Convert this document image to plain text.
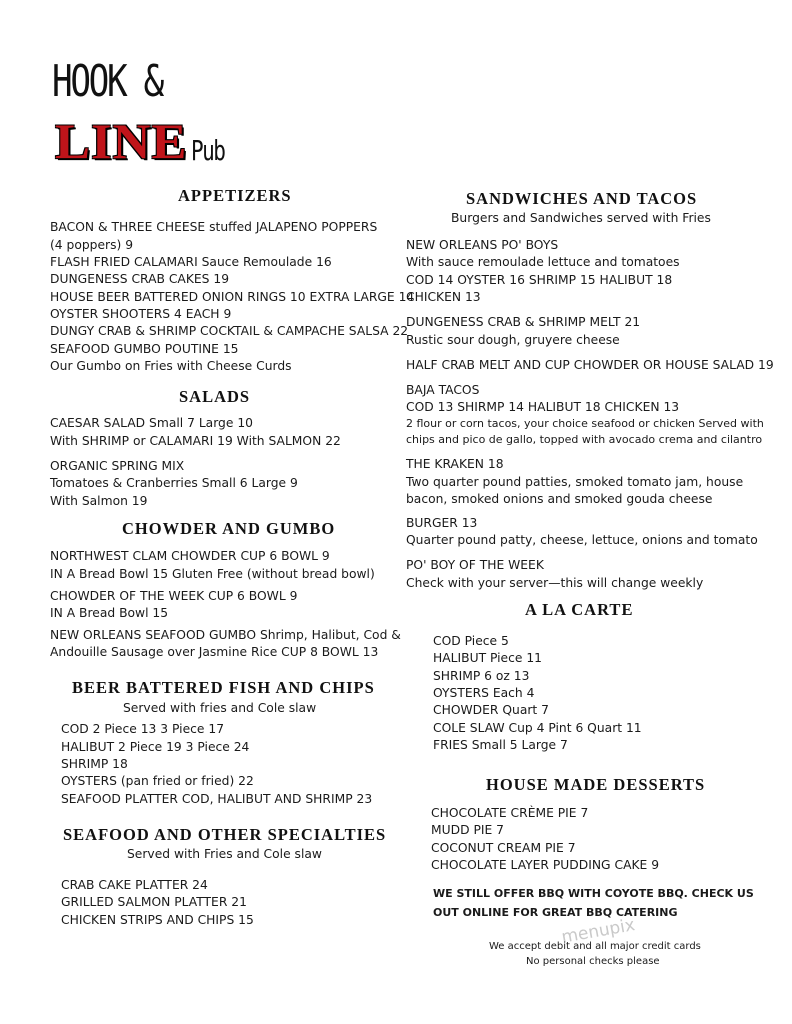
HOOK &
LINE Pub
APPETIZERS
BACON & THREE CHEESE stuffed JALAPENO POPPERS
(4 poppers) 9
FLASH FRIED CALAMARI Sauce Remoulade 16
DUNGENESS CRAB CAKES 19
HOUSE BEER BATTERED ONION RINGS 10 EXTRA LARGE 14
OYSTER SHOOTERS 4 EACH 9
DUNGY CRAB & SHRIMP COCKTAIL & CAMPACHE SALSA 22
SEAFOOD GUMBO POUTINE 15
Our Gumbo on Fries with Cheese Curds
SALADS
CAESAR SALAD Small 7 Large 10
With SHRIMP or CALAMARI 19 With SALMON 22
ORGANIC SPRING MIX
Tomatoes & Cranberries Small 6 Large 9
With Salmon 19
CHOWDER AND GUMBO
NORTHWEST CLAM CHOWDER CUP 6 BOWL 9
IN A Bread Bowl 15 Gluten Free (without bread bowl)
CHOWDER OF THE WEEK CUP 6 BOWL 9
IN A Bread Bowl 15
NEW ORLEANS SEAFOOD GUMBO Shrimp, Halibut, Cod &
Andouille Sausage over Jasmine Rice CUP 8 BOWL 13
BEER BATTERED FISH AND CHIPS
Served with fries and Cole slaw
COD 2 Piece 13 3 Piece 17
HALIBUT 2 Piece 19 3 Piece 24
SHRIMP 18
OYSTERS (pan fried or fried) 22
SEAFOOD PLATTER COD, HALIBUT AND SHRIMP 23
SEAFOOD AND OTHER SPECIALTIES
Served with Fries and Cole slaw
CRAB CAKE PLATTER 24
GRILLED SALMON PLATTER 21
CHICKEN STRIPS AND CHIPS 15
SANDWICHES AND TACOS
Burgers and Sandwiches served with Fries
NEW ORLEANS PO' BOYS
With sauce remoulade lettuce and tomatoes
COD 14 OYSTER 16 SHRIMP 15 HALIBUT 18
CHICKEN 13
DUNGENESS CRAB & SHRIMP MELT 21
Rustic sour dough, gruyere cheese
HALF CRAB MELT AND CUP CHOWDER OR HOUSE SALAD 19
BAJA TACOS
COD 13 SHIRMP 14 HALIBUT 18 CHICKEN 13
2 flour or corn tacos, your choice seafood or chicken Served with
chips and pico de gallo, topped with avocado crema and cilantro
THE KRAKEN 18
Two quarter pound patties, smoked tomato jam, house
bacon, smoked onions and smoked gouda cheese
BURGER 13
Quarter pound patty, cheese, lettuce, onions and tomato
PO' BOY OF THE WEEK
Check with your server—this will change weekly
A LA CARTE
COD Piece 5
HALIBUT Piece 11
SHRIMP 6 oz 13
OYSTERS Each 4
CHOWDER Quart 7
COLE SLAW Cup 4 Pint 6 Quart 11
FRIES Small 5 Large 7
HOUSE MADE DESSERTS
CHOCOLATE CRÈME PIE 7
MUDD PIE 7
COCONUT CREAM PIE 7
CHOCOLATE LAYER PUDDING CAKE 9
WE STILL OFFER BBQ WITH COYOTE BBQ. CHECK US
OUT ONLINE FOR GREAT BBQ CATERING
menupix
We accept debit and all major credit cards
No personal checks please
